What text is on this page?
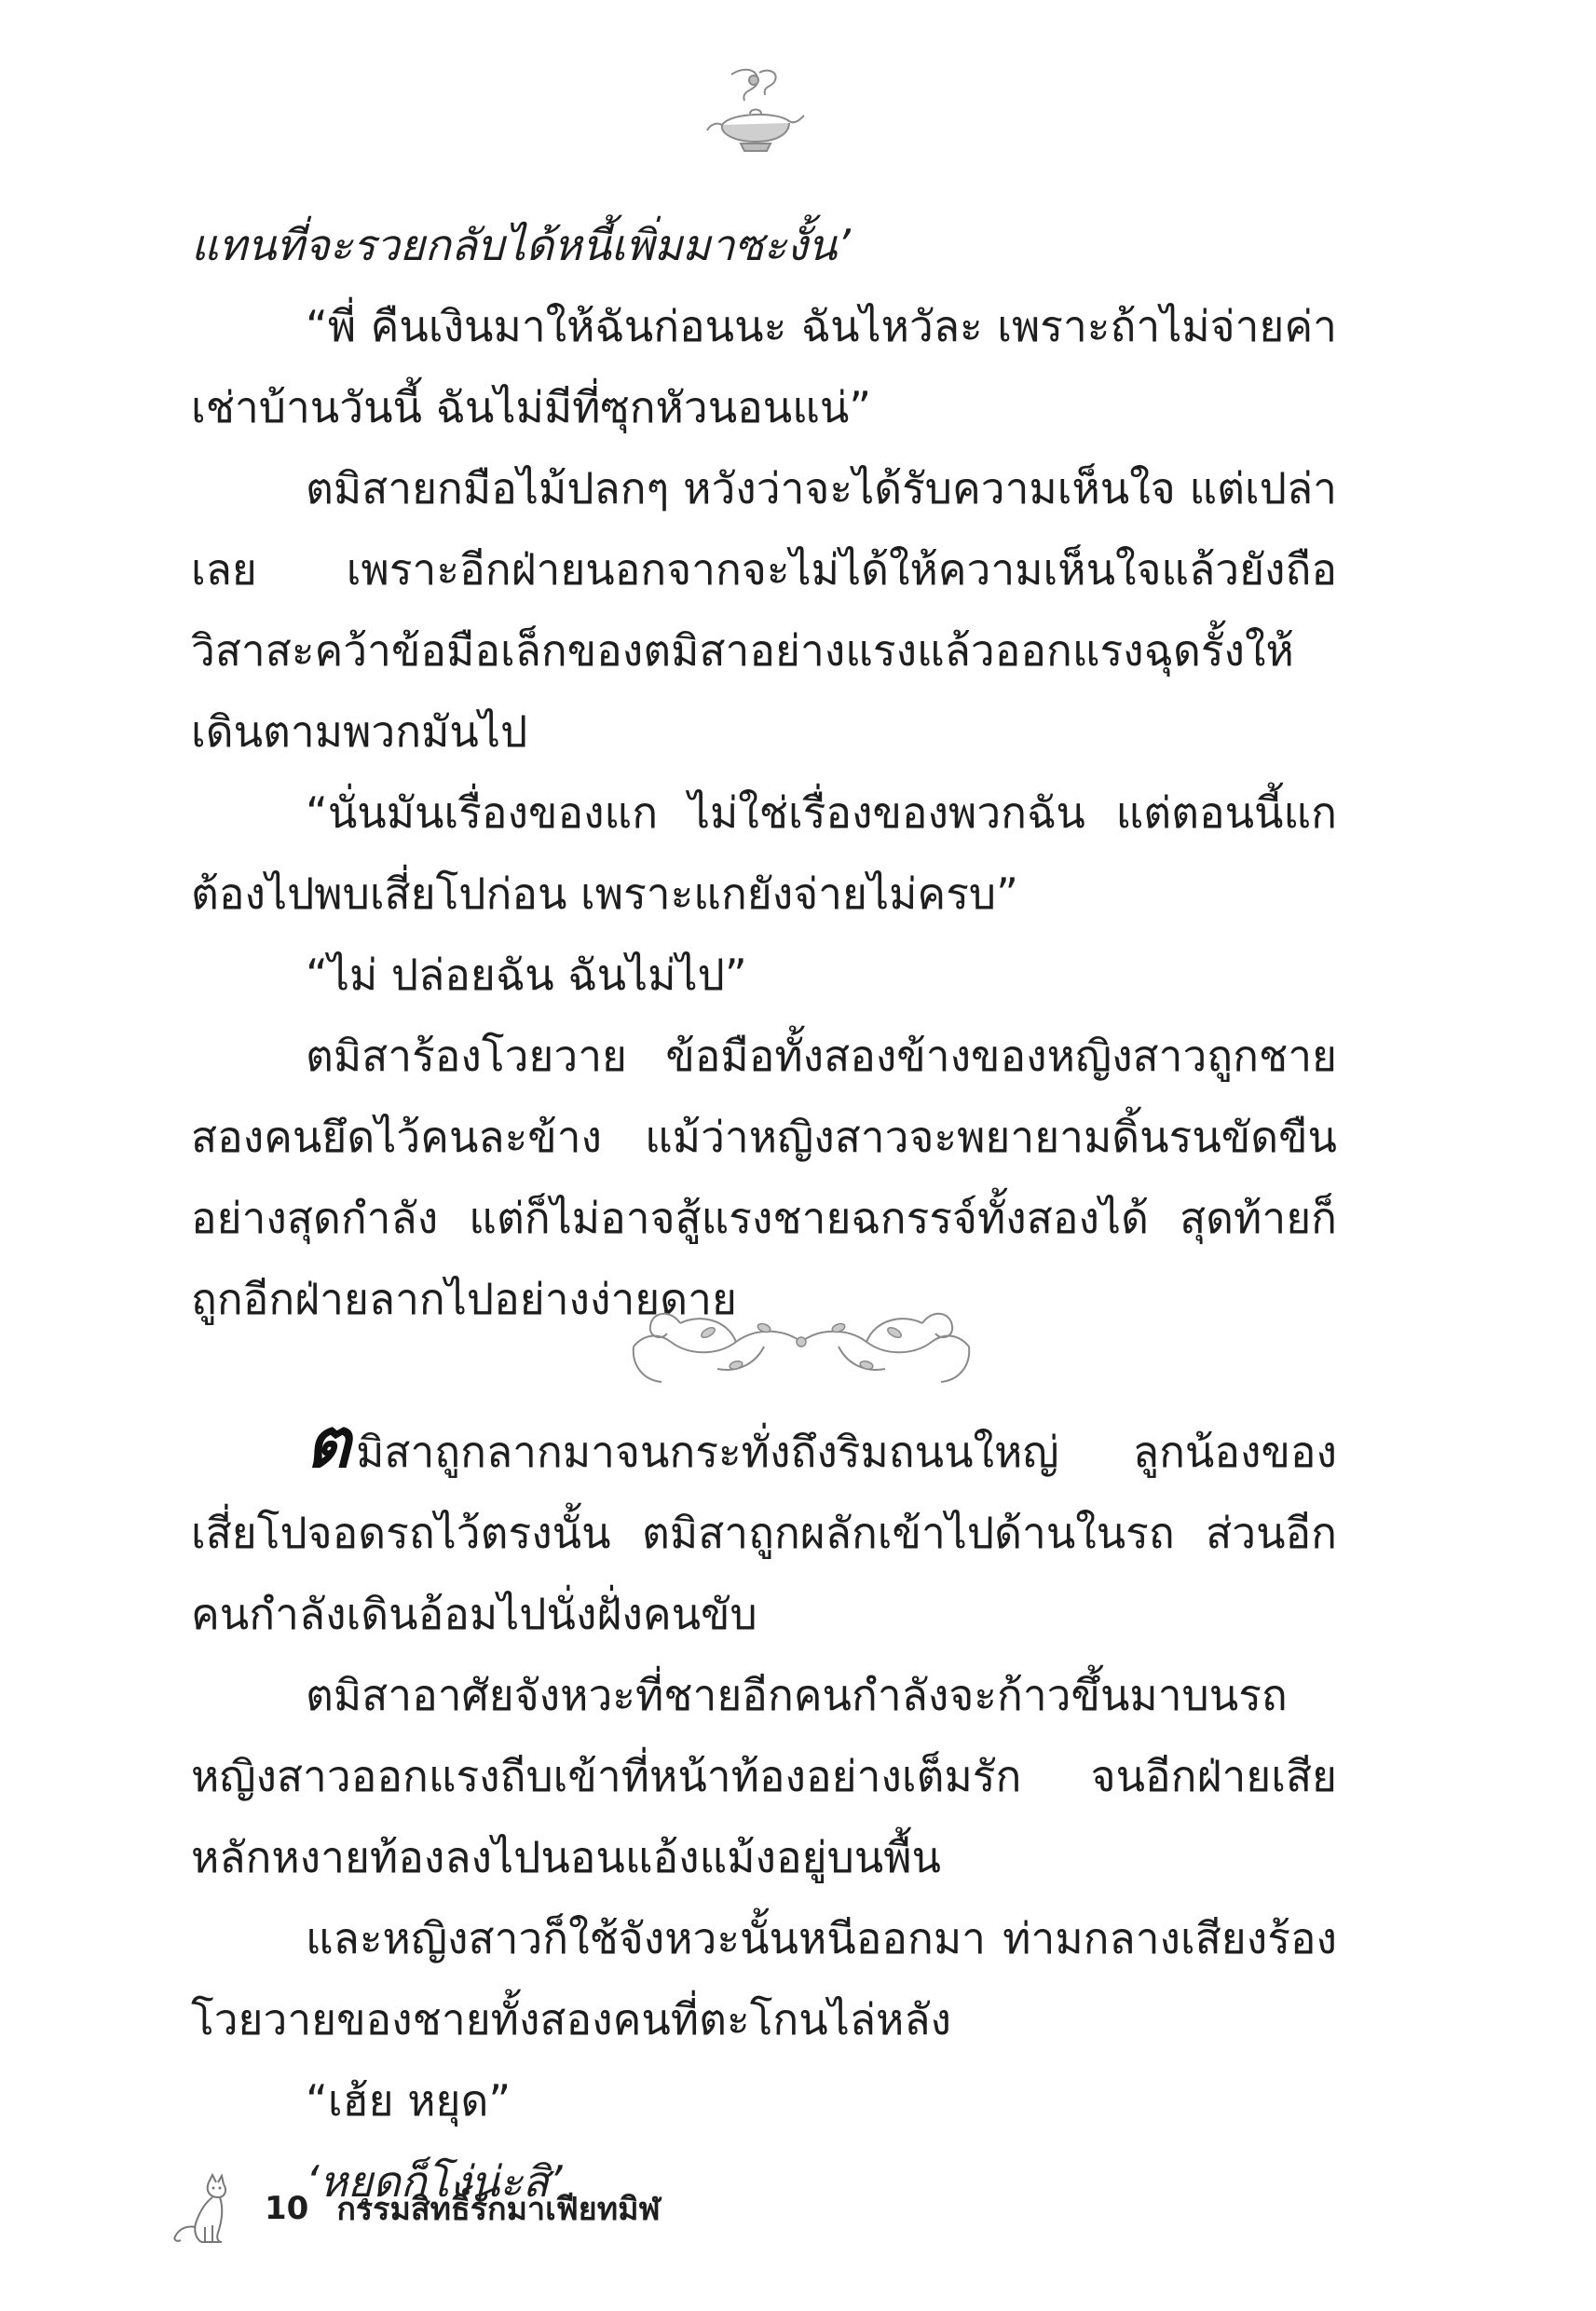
แทนที่จะรวยกลับได้หนี้เพิ่มมาซะงั้น’

“พี่ คืนเงินมาให้ฉันก่อนนะ ฉันไหวัละ เพราะถ้าไม่จ่ายค่าเช่าบ้านวันนี้ ฉันไม่มีที่ซุกหัวนอนแน่”

ตมิสายกมือไม้ปลกๆ หวังว่าจะได้รับความเห็นใจ แต่เปล่าเลย เพราะอีกฝ่ายนอกจากจะไม่ได้ให้ความเห็นใจแล้วยังถือวิสาสะคว้าข้อมือเล็กของตมิสาอย่างแรงแล้วออกแรงฉุดรั้งให้เดินตามพวกมันไป

“นั่นมันเรื่องของแก ไม่ใช่เรื่องของพวกฉัน แต่ตอนนี้แกต้องไปพบเสี่ยโปก่อน เพราะแกยังจ่ายไม่ครบ”

“ไม่ ปล่อยฉัน ฉันไม่ไป”

ตมิสาร้องโวยวาย ข้อมือทั้งสองข้างของหญิงสาวถูกชายสองคนยึดไว้คนละข้าง แม้ว่าหญิงสาวจะพยายามดิ้นรนขัดขืนอย่างสุดกำลัง แต่ก็ไม่อาจสู้แรงชายฉกรรจ์ทั้งสองได้ สุดท้ายก็ถูกอีกฝ่ายลากไปอย่างง่ายดาย

ตมิสาถูกลากมาจนกระทั่งถึงริมถนนใหญ่ ลูกน้องของเสี่ยโปจอดรถไว้ตรงนั้น ตมิสาถูกผลักเข้าไปด้านในรถ ส่วนอีกคนกำลังเดินอ้อมไปนั่งฝั่งคนขับ

ตมิสาอาศัยจังหวะที่ชายอีกคนกำลังจะก้าวขึ้นมาบนรถหญิงสาวออกแรงถีบเข้าที่หน้าท้องอย่างเต็มรัก จนอีกฝ่ายเสียหลักหงายท้องลงไปนอนแอ้งแม้งอยู่บนพื้น

และหญิงสาวก็ใช้จังหวะนั้นหนีออกมา ท่ามกลางเสียงร้องโวยวายของชายทั้งสองคนที่ตะโกนไล่หลัง

“เฮ้ย หยุด”

‘หยุดก็โง่น่ะสิ’

10 กรรมสิทธิ์รักมาเฟียทมิฬ
